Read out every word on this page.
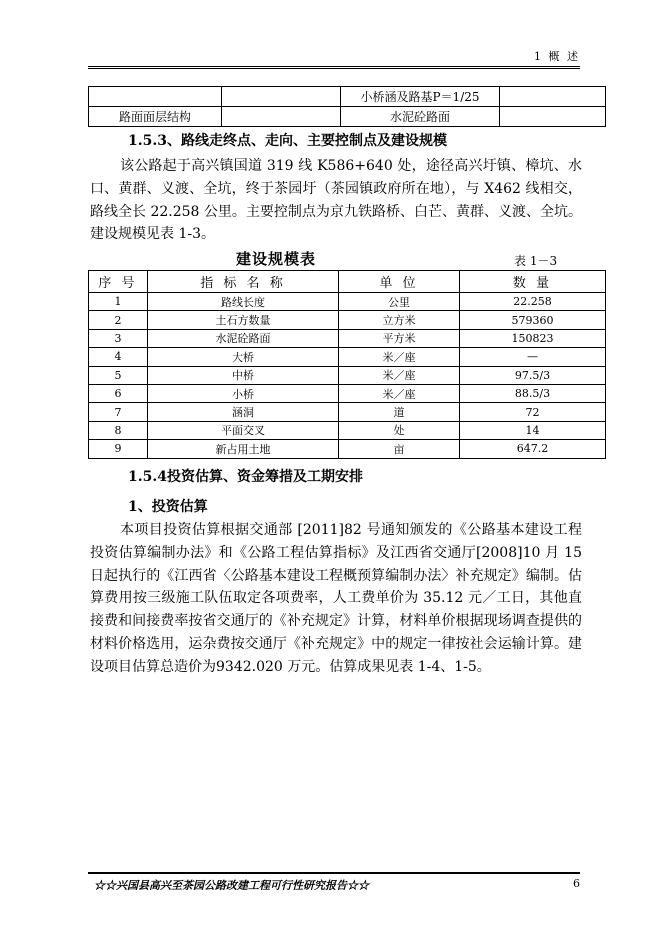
1 概 述
		小桥涵及路基P＝1/25	
路面面层结构		水泥砼路面	
1.5.3、路线走终点、走向、主要控制点及建设规模
该公路起于高兴镇国道 319 线 K586+640 处，途径高兴圩镇、樟坑、水口、黄群、义渡、全坑，终于茶园圩（茶园镇政府所在地），与 X462 线相交，路线全长 22.258 公里。主要控制点为京九铁路桥、白芒、黄群、义渡、全坑。建设规模见表 1-3。
建设规模表	表 1－3
序 号	指 标 名 称	单 位	数 量
1	路线长度	公里	22.258
2	土石方数量	立方米	579360
3	水泥砼路面	平方米	150823
4	大桥	米／座	—
5	中桥	米／座	97.5/3
6	小桥	米／座	88.5/3
7	涵洞	道	72
8	平面交叉	处	14
9	新占用土地	亩	647.2
1.5.4投资估算、资金筹措及工期安排
1、投资估算
本项目投资估算根据交通部 [2011]82 号通知颁发的《公路基本建设工程投资估算编制办法》和《公路工程估算指标》及江西省交通厅[2008]10 月 15 日起执行的《江西省〈公路基本建设工程概预算编制办法〉补充规定》编制。估算费用按三级施工队伍取定各项费率，人工费单价为 35.12 元／工日，其他直接费和间接费率按省交通厅的《补充规定》计算，材料单价根据现场调查提供的材料价格选用，运杂费按交通厅《补充规定》中的规定一律按社会运输计算。建设项目估算总造价为9342.020 万元。估算成果见表 1-4、1-5。
☆☆兴国县高兴至茶园公路改建工程可行性研究报告☆☆	6
